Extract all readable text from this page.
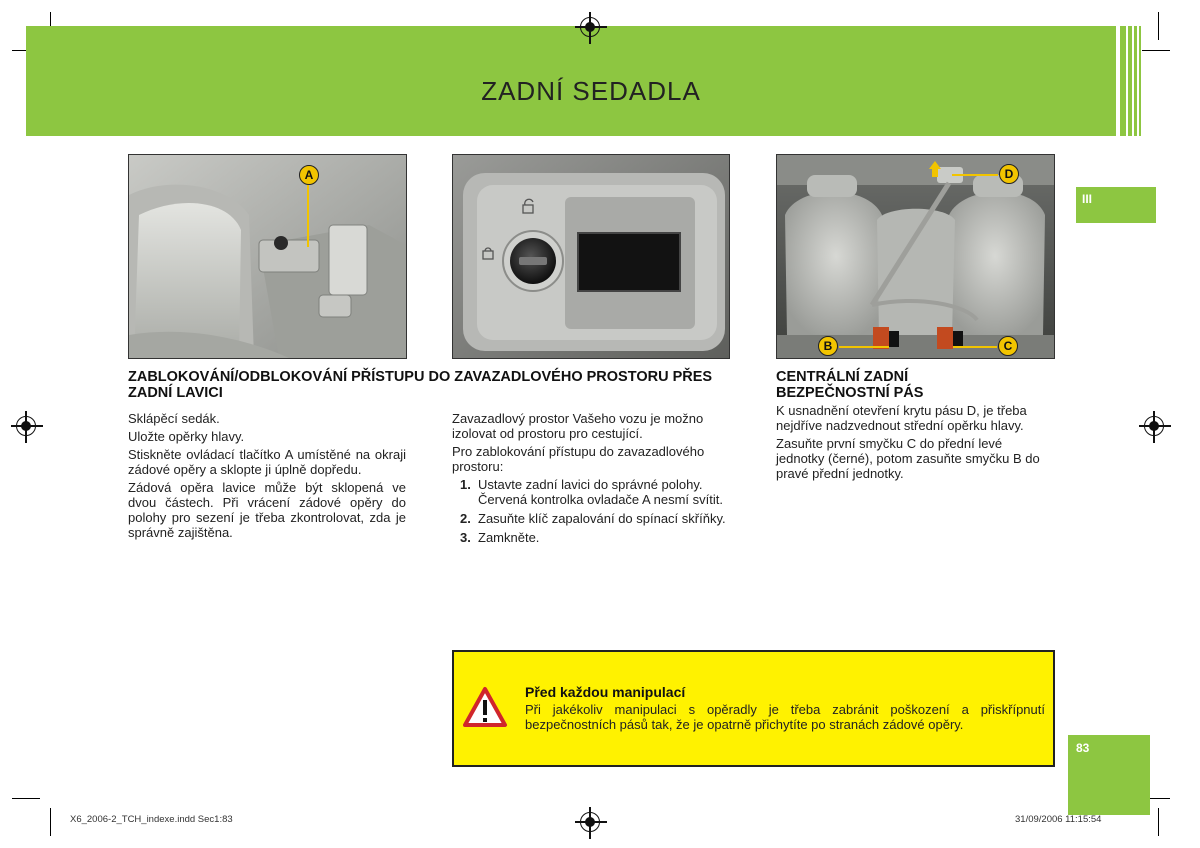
ZADNÍ SEDADLA
III
83
A	D
B	C
ZABLOKOVÁNÍ/ODBLOKOVÁNÍ PŘÍSTUPU DO ZAVAZADLOVÉHO PROSTORU PŘES ZADNÍ LAVICI

Sklápěcí sedák.

Uložte opěrky hlavy.

Stiskněte ovládací tlačítko A umístěné na okraji zádové opěry a sklopte ji úplně dopředu.

Zádová opěra lavice může být sklopená ve dvou částech. Při vrácení zádové opěry do polohy pro sezení je třeba zkontrolovat, zda je správně zajištěna.

Zavazadlový prostor Vašeho vozu je možno izolovat od prostoru pro cestující.

Pro zablokování přístupu do zavazadlového prostoru:

1. Ustavte zadní lavici do správné polohy. Červená kontrolka ovladače A nesmí svítit.
2. Zasuňte klíč zapalování do spínací skříňky.
3. Zamkněte.
CENTRÁLNÍ ZADNÍ BEZPEČNOSTNÍ PÁS

K usnadnění otevření krytu pásu D, je třeba nejdříve nadzvednout střední opěrku hlavy.

Zasuňte první smyčku C do přední levé jednotky (černé), potom zasuňte smyčku B do pravé přední jednotky.

Před každou manipulací
Při jakékoliv manipulaci s opěradly je třeba zabránit poškození a přiskřípnutí bezpečnostních pásů tak, že je opatrně přichytíte po stranách zádové opěry.
X6_2006-2_TCH_indexe.indd Sec1:83	31/09/2006 11:15:54
